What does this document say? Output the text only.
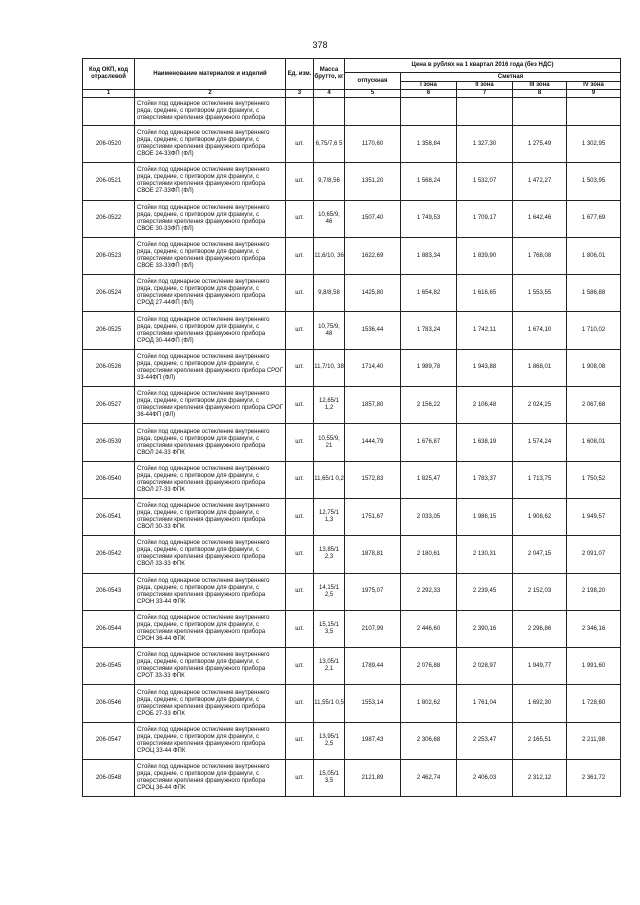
378
Код ОКП, код отраслевой	Наименование материалов и изделий	Ед. изм.	Масса брутто, кг	Цена в рублях на 1 квартал 2016 года (без НДС)				
				отпускная	Сметная			
					I зона	II зона	III зона	IV зона
1	2	3	4	5	6	7	8	9
	Стойки под одинарное остекление внутреннего ряда, средние, с притвором для фрамуги, с отверстиями крепления фрамужного прибора							
206-0520	Стойки под одинарное остекление внутреннего ряда, средние, с притвором для фрамуги, с отверстиями крепления фрамужного прибора СВОЕ 24-33ФП (ФЛ)	шт.	6,75/7,6 5	1170,60	1 358,84	1 327,30	1 275,49	1 302,95
206-0521	Стойки под одинарное остекление внутреннего ряда, средние, с притвором для фрамуги, с отверстиями крепления фрамужного прибора СВОЕ 27-33ФП (ФЛ)	шт.	9,7/8,56	1351,20	1 568,24	1 532,07	1 472,27	1 503,95
206-0522	Стойки под одинарное остекление внутреннего ряда, средние, с притвором для фрамуги, с отверстиями крепления фрамужного прибора СВОЕ 30-33ФП (ФЛ)	шт.	10,65/9, 46	1507,40	1 749,53	1 709,17	1 642,46	1 677,69
206-0523	Стойки под одинарное остекление внутреннего ряда, средние, с притвором для фрамуги, с отверстиями крепления фрамужного прибора СВОЕ 33-33ФП (ФЛ)	шт.	11,6/10, 36	1622,69	1 883,34	1 839,90	1 768,08	1 806,01
206-0524	Стойки под одинарное остекление внутреннего ряда, средние, с притвором для фрамуги, с отверстиями крепления фрамужного прибора СРОД 27-44ФП (ФЛ)	шт.	9,8/8,58	1425,80	1 654,82	1 616,65	1 553,55	1 586,88
206-0525	Стойки под одинарное остекление внутреннего ряда, средние, с притвором для фрамуги, с отверстиями крепления фрамужного прибора СРОД 30-44ФП (ФЛ)	шт.	10,75/9, 48	1536,44	1 783,24	1 742,11	1 674,10	1 710,02
206-0526	Стойки под одинарное остекление внутреннего ряда, средние, с притвором для фрамуги, с отверстиями крепления фрамужного прибора СРОГ 33-44ФП (ФЛ)	шт.	11,7/10, 38	1714,40	1 989,78	1 943,88	1 868,01	1 908,08
206-0527	Стойки под одинарное остекление внутреннего ряда, средние, с притвором для фрамуги, с отверстиями крепления фрамужного прибора СРОГ 36-44ФП (ФЛ)	шт.	12,65/1 1,2	1857,80	2 156,22	2 106,48	2 024,25	2 067,68
206-0539	Стойки под одинарное остекление внутреннего ряда, средние, с притвором для фрамуги, с отверстиями крепления фрамужного прибора СВОЛ 24-33 ФПК	шт.	10,55/9, 21	1444,79	1 676,87	1 638,19	1 574,24	1 608,01
206-0540	Стойки под одинарное остекление внутреннего ряда, средние, с притвором для фрамуги, с отверстиями крепления фрамужного прибора СВОЛ 27-33 ФПК	шт.	11,65/1 0,2	1572,83	1 825,47	1 783,37	1 713,75	1 750,52
206-0541	Стойки под одинарное остекление внутреннего ряда, средние, с притвором для фрамуги, с отверстиями крепления фрамужного прибора СВОЛ 30-33 ФПК	шт.	12,75/1 1,3	1751,67	2 033,05	1 986,15	1 908,62	1 949,57
206-0542	Стойки под одинарное остекление внутреннего ряда, средние, с притвором для фрамуги, с отверстиями крепления фрамужного прибора СВОЛ 33-33 ФПК	шт.	13,85/1 2,3	1878,81	2 180,61	2 130,31	2 047,15	2 091,07
206-0543	Стойки под одинарное остекление внутреннего ряда, средние, с притвором для фрамуги, с отверстиями крепления фрамужного прибора СРОН 33-44 ФПК	шт.	14,15/1 2,5	1975,07	2 292,33	2 239,45	2 152,03	2 198,20
206-0544	Стойки под одинарное остекление внутреннего ряда, средние, с притвором для фрамуги, с отверстиями крепления фрамужного прибора СРОН 36-44 ФПК	шт.	15,15/1 3,5	2107,99	2 446,60	2 390,16	2 296,86	2 346,16
206-0545	Стойки под одинарное остекление внутреннего ряда, средние, с притвором для фрамуги, с отверстиями крепления фрамужного прибора СРОТ 33-33 ФПК	шт.	13,05/1 2,1	1789,44	2 076,88	2 028,97	1 949,77	1 991,60
206-0546	Стойки под одинарное остекление внутреннего ряда, средние, с притвором для фрамуги, с отверстиями крепления фрамужного прибора СРОБ 27-33 ФПК	шт.	11,55/1 0,5	1553,14	1 802,62	1 761,04	1 692,30	1 728,60
206-0547	Стойки под одинарное остекление внутреннего ряда, средние, с притвором для фрамуги, с отверстиями крепления фрамужного прибора СРОЦ 33-44 ФПК	шт.	13,95/1 2,5	1987,43	2 306,68	2 253,47	2 165,51	2 211,98
206-0548	Стойки под одинарное остекление внутреннего ряда, средние, с притвором для фрамуги, с отверстиями крепления фрамужного прибора СРОЦ 36-44 ФПК	шт.	15,05/1 3,5	2121,89	2 462,74	2 406,03	2 312,12	2 361,72
